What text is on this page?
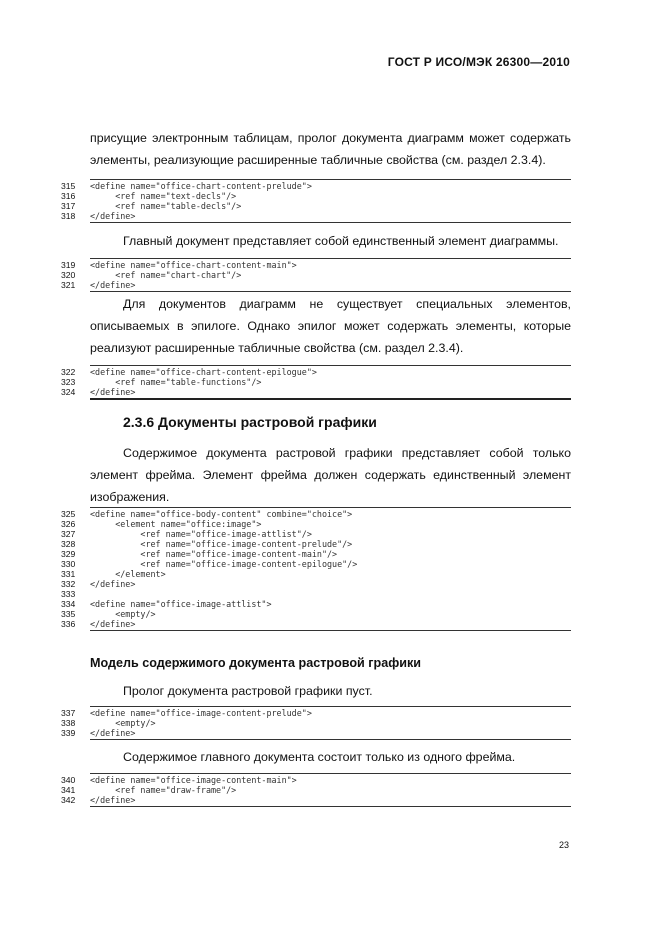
ГОСТ Р ИСО/МЭК 26300—2010
присущие электронным таблицам, пролог документа диаграмм может содержать
элементы, реализующие расширенные табличные свойства (см. раздел 2.3.4).
315	<define name="office-chart-content-prelude">
316	<ref name="text-decls"/>
317	<ref name="table-decls"/>
318	</define>
Главный документ представляет собой единственный элемент диаграммы.
319	<define name="office-chart-content-main">
320	<ref name="chart-chart"/>
321	</define>
Для документов диаграмм не существует специальных элементов,
описываемых в эпилоге. Однако эпилог может содержать элементы, которые
реализуют расширенные табличные свойства (см. раздел 2.3.4).
322	<define name="office-chart-content-epilogue">
323	<ref name="table-functions"/>
324	</define>
2.3.6 Документы растровой графики
Содержимое документа растровой графики представляет собой только
элемент фрейма. Элемент фрейма должен содержать единственный элемент
изображения.
325	<define name="office-body-content" combine="choice">
326	<element name="office:image">
327	<ref name="office-image-attlist"/>
328	<ref name="office-image-content-prelude"/>
329	<ref name="office-image-content-main"/>
330	<ref name="office-image-content-epilogue"/>
331	</element>
332	</define>
333
334	<define name="office-image-attlist">
335	<empty/>
336	</define>
Модель содержимого документа растровой графики
Пролог документа растровой графики пуст.
337	<define name="office-image-content-prelude">
338	<empty/>
339	</define>
Содержимое главного документа состоит только из одного фрейма.
340	<define name="office-image-content-main">
341	<ref name="draw-frame"/>
342	</define>
23
